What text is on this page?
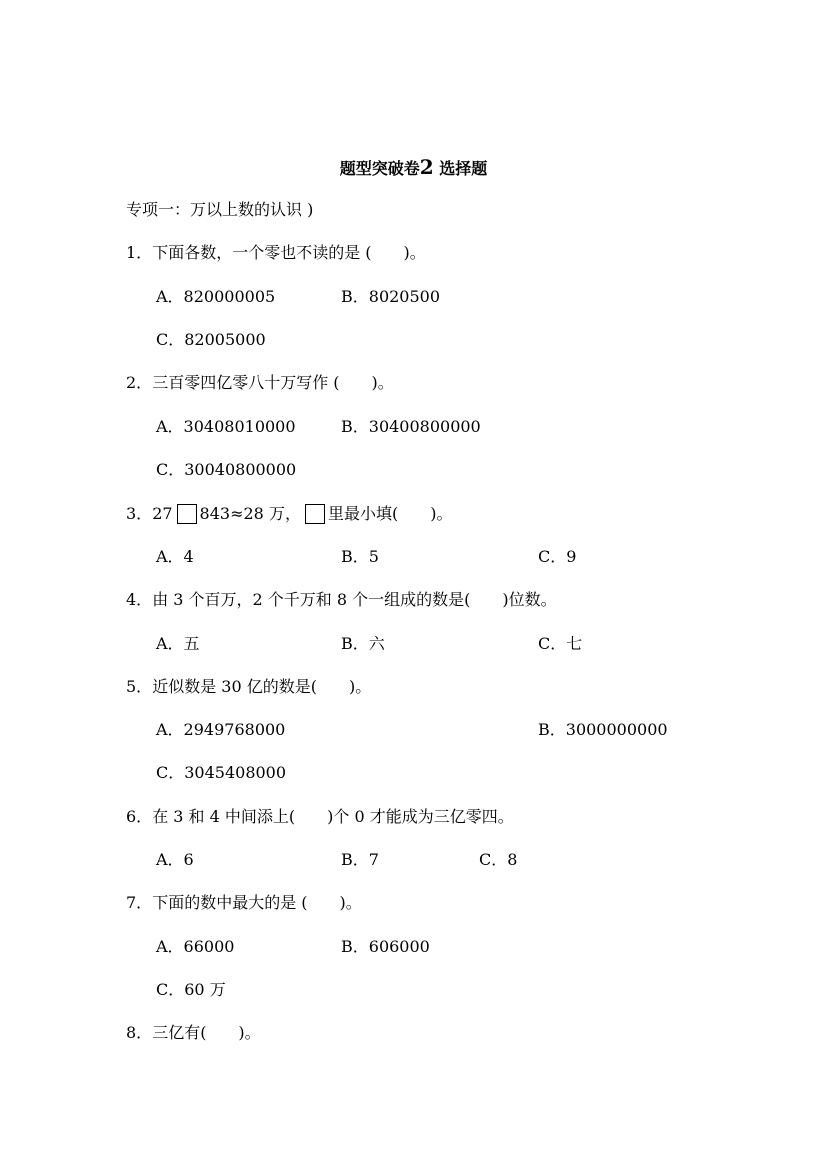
题型突破卷2 选择题
专项一：万以上数的认识 )
1．下面各数，一个零也不读的是 (　　)。
A．820000005	B．8020500
C．82005000
2．三百零四亿零八十万写作 (　　)。
A．30408010000	B．30400800000
C．30040800000
3．27 843≈28 万， 里最小填(　　)。
A．4	B．5	C．9
4．由 3 个百万，2 个千万和 8 个一组成的数是(　　)位数。
A．五	B．六	C．七
5．近似数是 30 亿的数是(　　)。
A．2949768000	B．3000000000
C．3045408000
6．在 3 和 4 中间添上(　　)个 0 才能成为三亿零四。
A．6	B．7	C．8
7．下面的数中最大的是 (　　)。
A．66000	B．606000
C．60 万
8．三亿有(　　)。
